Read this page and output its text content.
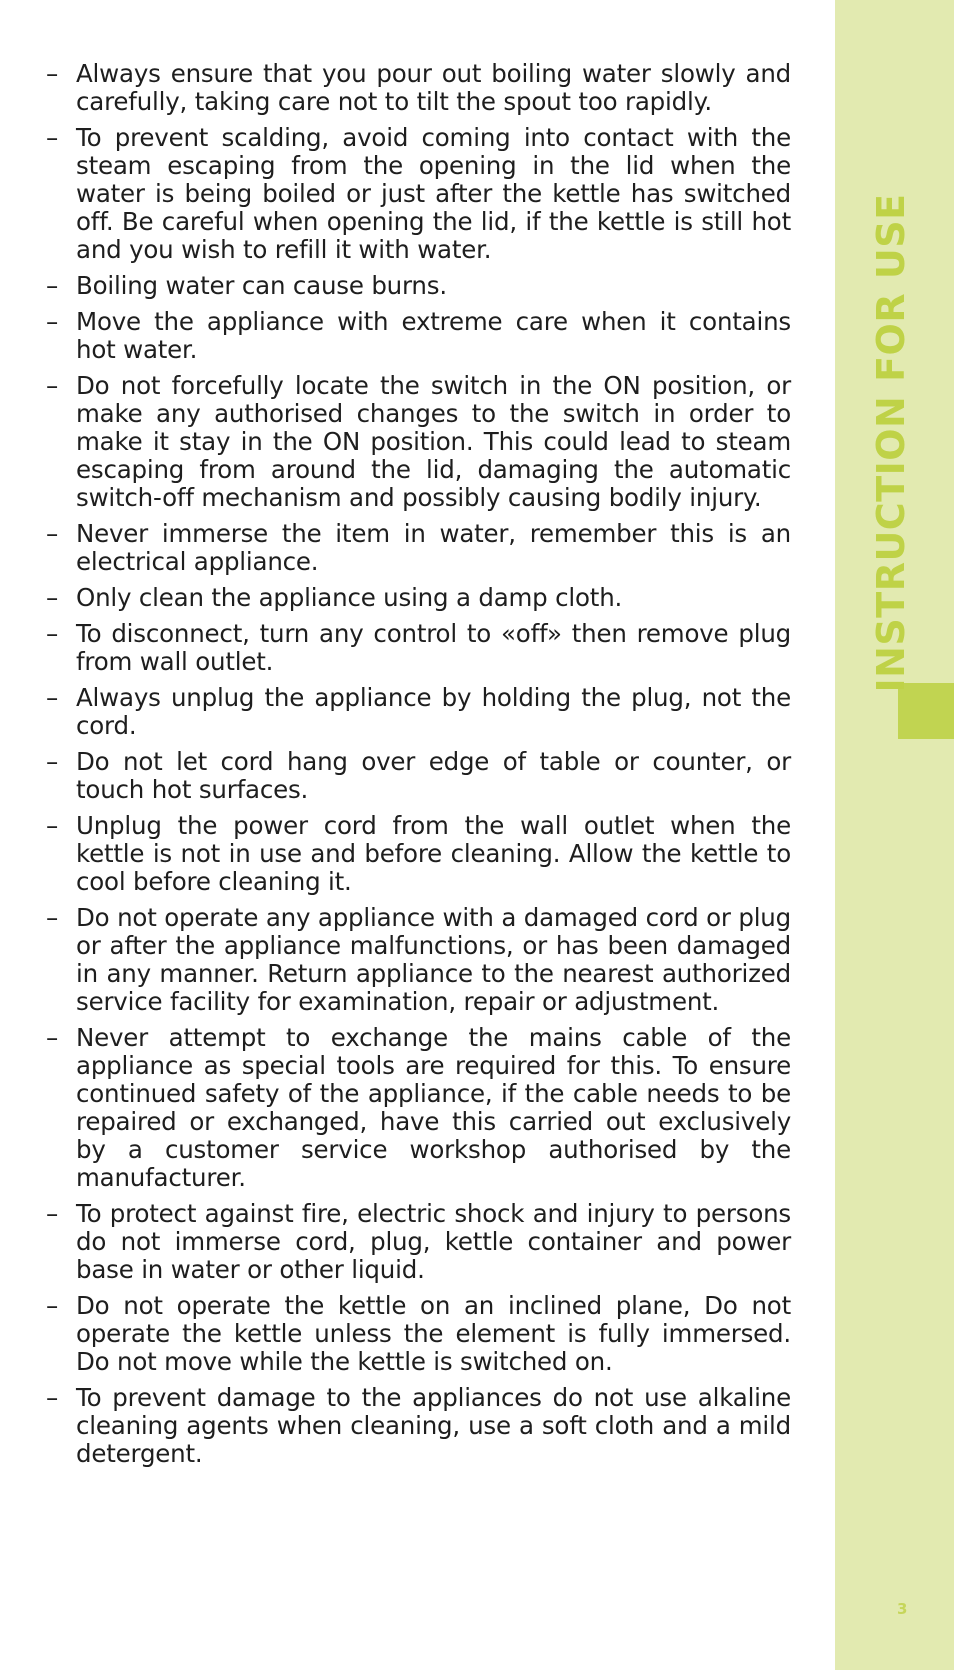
– Always ensure that you pour out boiling water slowly and carefully, taking care not to tilt the spout too rapidly.
– To prevent scalding, avoid coming into contact with the steam escaping from the opening in the lid when the water is being boiled or just after the kettle has switched off. Be careful when opening the lid, if the kettle is still hot and you wish to refill it with water.
– Boiling water can cause burns.
– Move the appliance with extreme care when it contains hot water.
– Do not forcefully locate the switch in the ON position, or make any authorised changes to the switch in order to make it stay in the ON position. This could lead to steam escaping from around the lid, damaging the automatic switch-off mechanism and possibly causing bodily injury.
– Never immerse the item in water, remember this is an electrical appliance.
– Only clean the appliance using a damp cloth.
– To disconnect, turn any control to «off» then remove plug from wall outlet.
– Always unplug the appliance by holding the plug, not the cord.
– Do not let cord hang over edge of table or counter, or touch hot surfaces.
– Unplug the power cord from the wall outlet when the kettle is not in use and before cleaning. Allow the kettle to cool before cleaning it.
– Do not operate any appliance with a damaged cord or plug or after the appliance malfunctions, or has been damaged in any manner. Return appliance to the nearest authorized service facility for examination, repair or adjustment.
– Never attempt to exchange the mains cable of the appliance as special tools are required for this. To ensure continued safety of the appliance, if the cable needs to be repaired or exchanged, have this carried out exclusively by a customer service workshop authorised by the manufacturer.
– To protect against fire, electric shock and injury to persons do not immerse cord, plug, kettle container and power base in water or other liquid.
– Do not operate the kettle on an inclined plane, Do not operate the kettle unless the element is fully immersed. Do not move while the kettle is switched on.
– To prevent damage to the appliances do not use alkaline cleaning agents when cleaning, use a soft cloth and a mild detergent.
INSTRUCTION FOR USE
3
